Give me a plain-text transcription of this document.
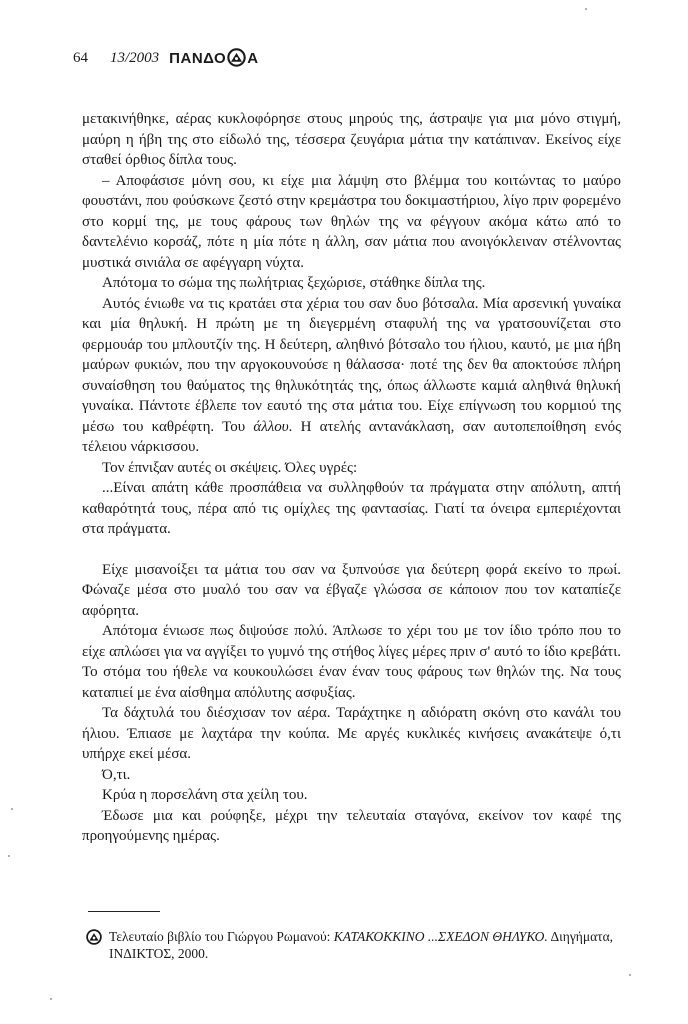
64 13/2003 ΠΑΝΔΟ Α

μετακινήθηκε, αέρας κυκλοφόρησε στους μηρούς της, άστραψε για μια μόνο στιγμή, μαύρη η ήβη της στο είδωλό της, τέσσερα ζευγάρια μάτια την κατάπιναν. Εκείνος είχε σταθεί όρθιος δίπλα τους.

– Αποφάσισε μόνη σου, κι είχε μια λάμψη στο βλέμμα του κοιτώντας το μαύρο φουστάνι, που φούσκωνε ζεστό στην κρεμάστρα του δοκιμαστήριου, λίγο πριν φορεμένο στο κορμί της, με τους φάρους των θηλών της να φέγγουν ακόμα κάτω από το δαντελένιο κορσάζ, πότε η μία πότε η άλλη, σαν μάτια που ανοιγόκλειναν στέλνοντας μυστικά σινιάλα σε αφέγγαρη νύχτα.

Απότομα το σώμα της πωλήτριας ξεχώρισε, στάθηκε δίπλα της.

Αυτός ένιωθε να τις κρατάει στα χέρια του σαν δυο βότσαλα. Μία αρσενική γυναίκα και μία θηλυκή. Η πρώτη με τη διεγερμένη σταφυλή της να γρατσουνίζεται στο φερμουάρ του μπλουτζίν της. Η δεύτερη, αληθινό βότσαλο του ήλιου, καυτό, με μια ήβη μαύρων φυκιών, που την αργοκουνούσε η θάλασσα· ποτέ της δεν θα αποκτούσε πλήρη συναίσθηση του θαύματος της θηλυκότητάς της, όπως άλλωστε καμιά αληθινά θηλυκή γυναίκα. Πάντοτε έβλεπε τον εαυτό της στα μάτια του. Είχε επίγνωση του κορμιού της μέσω του καθρέφτη. Του άλλου. Η ατελής αντανάκλαση, σαν αυτοπεποίθηση ενός τέλειου νάρκισσου.

Τον έπνιξαν αυτές οι σκέψεις. Όλες υγρές:

...Είναι απάτη κάθε προσπάθεια να συλληφθούν τα πράγματα στην απόλυτη, απτή καθαρότητά τους, πέρα από τις ομίχλες της φαντασίας. Γιατί τα όνειρα εμπεριέχονται στα πράγματα.

Είχε μισανοίξει τα μάτια του σαν να ξυπνούσε για δεύτερη φορά εκείνο το πρωί. Φώναζε μέσα στο μυαλό του σαν να έβγαζε γλώσσα σε κάποιον που τον καταπίεζε αφόρητα.

Απότομα ένιωσε πως διψούσε πολύ. Άπλωσε το χέρι του με τον ίδιο τρόπο που το είχε απλώσει για να αγγίξει το γυμνό της στήθος λίγες μέρες πριν σ' αυτό το ίδιο κρεβάτι. Το στόμα του ήθελε να κουκουλώσει έναν έναν τους φάρους των θηλών της. Να τους καταπιεί με ένα αίσθημα απόλυτης ασφυξίας.

Τα δάχτυλά του διέσχισαν τον αέρα. Ταράχτηκε η αδιόρατη σκόνη στο κανάλι του ήλιου. Έπιασε με λαχτάρα την κούπα. Με αργές κυκλικές κινήσεις ανακάτεψε ό,τι υπήρχε εκεί μέσα.

Ό,τι.

Κρύα η πορσελάνη στα χείλη του.

Έδωσε μια και ρούφηξε, μέχρι την τελευταία σταγόνα, εκείνον τον καφέ της προηγούμενης ημέρας.

Τελευταίο βιβλίο του Γιώργου Ρωμανού: ΚΑΤΑΚΟΚΚΙΝΟ ...ΣΧΕΔΟΝ ΘΗΛΥΚΟ. Διηγήματα, ΙΝΔΙΚΤΟΣ, 2000.
